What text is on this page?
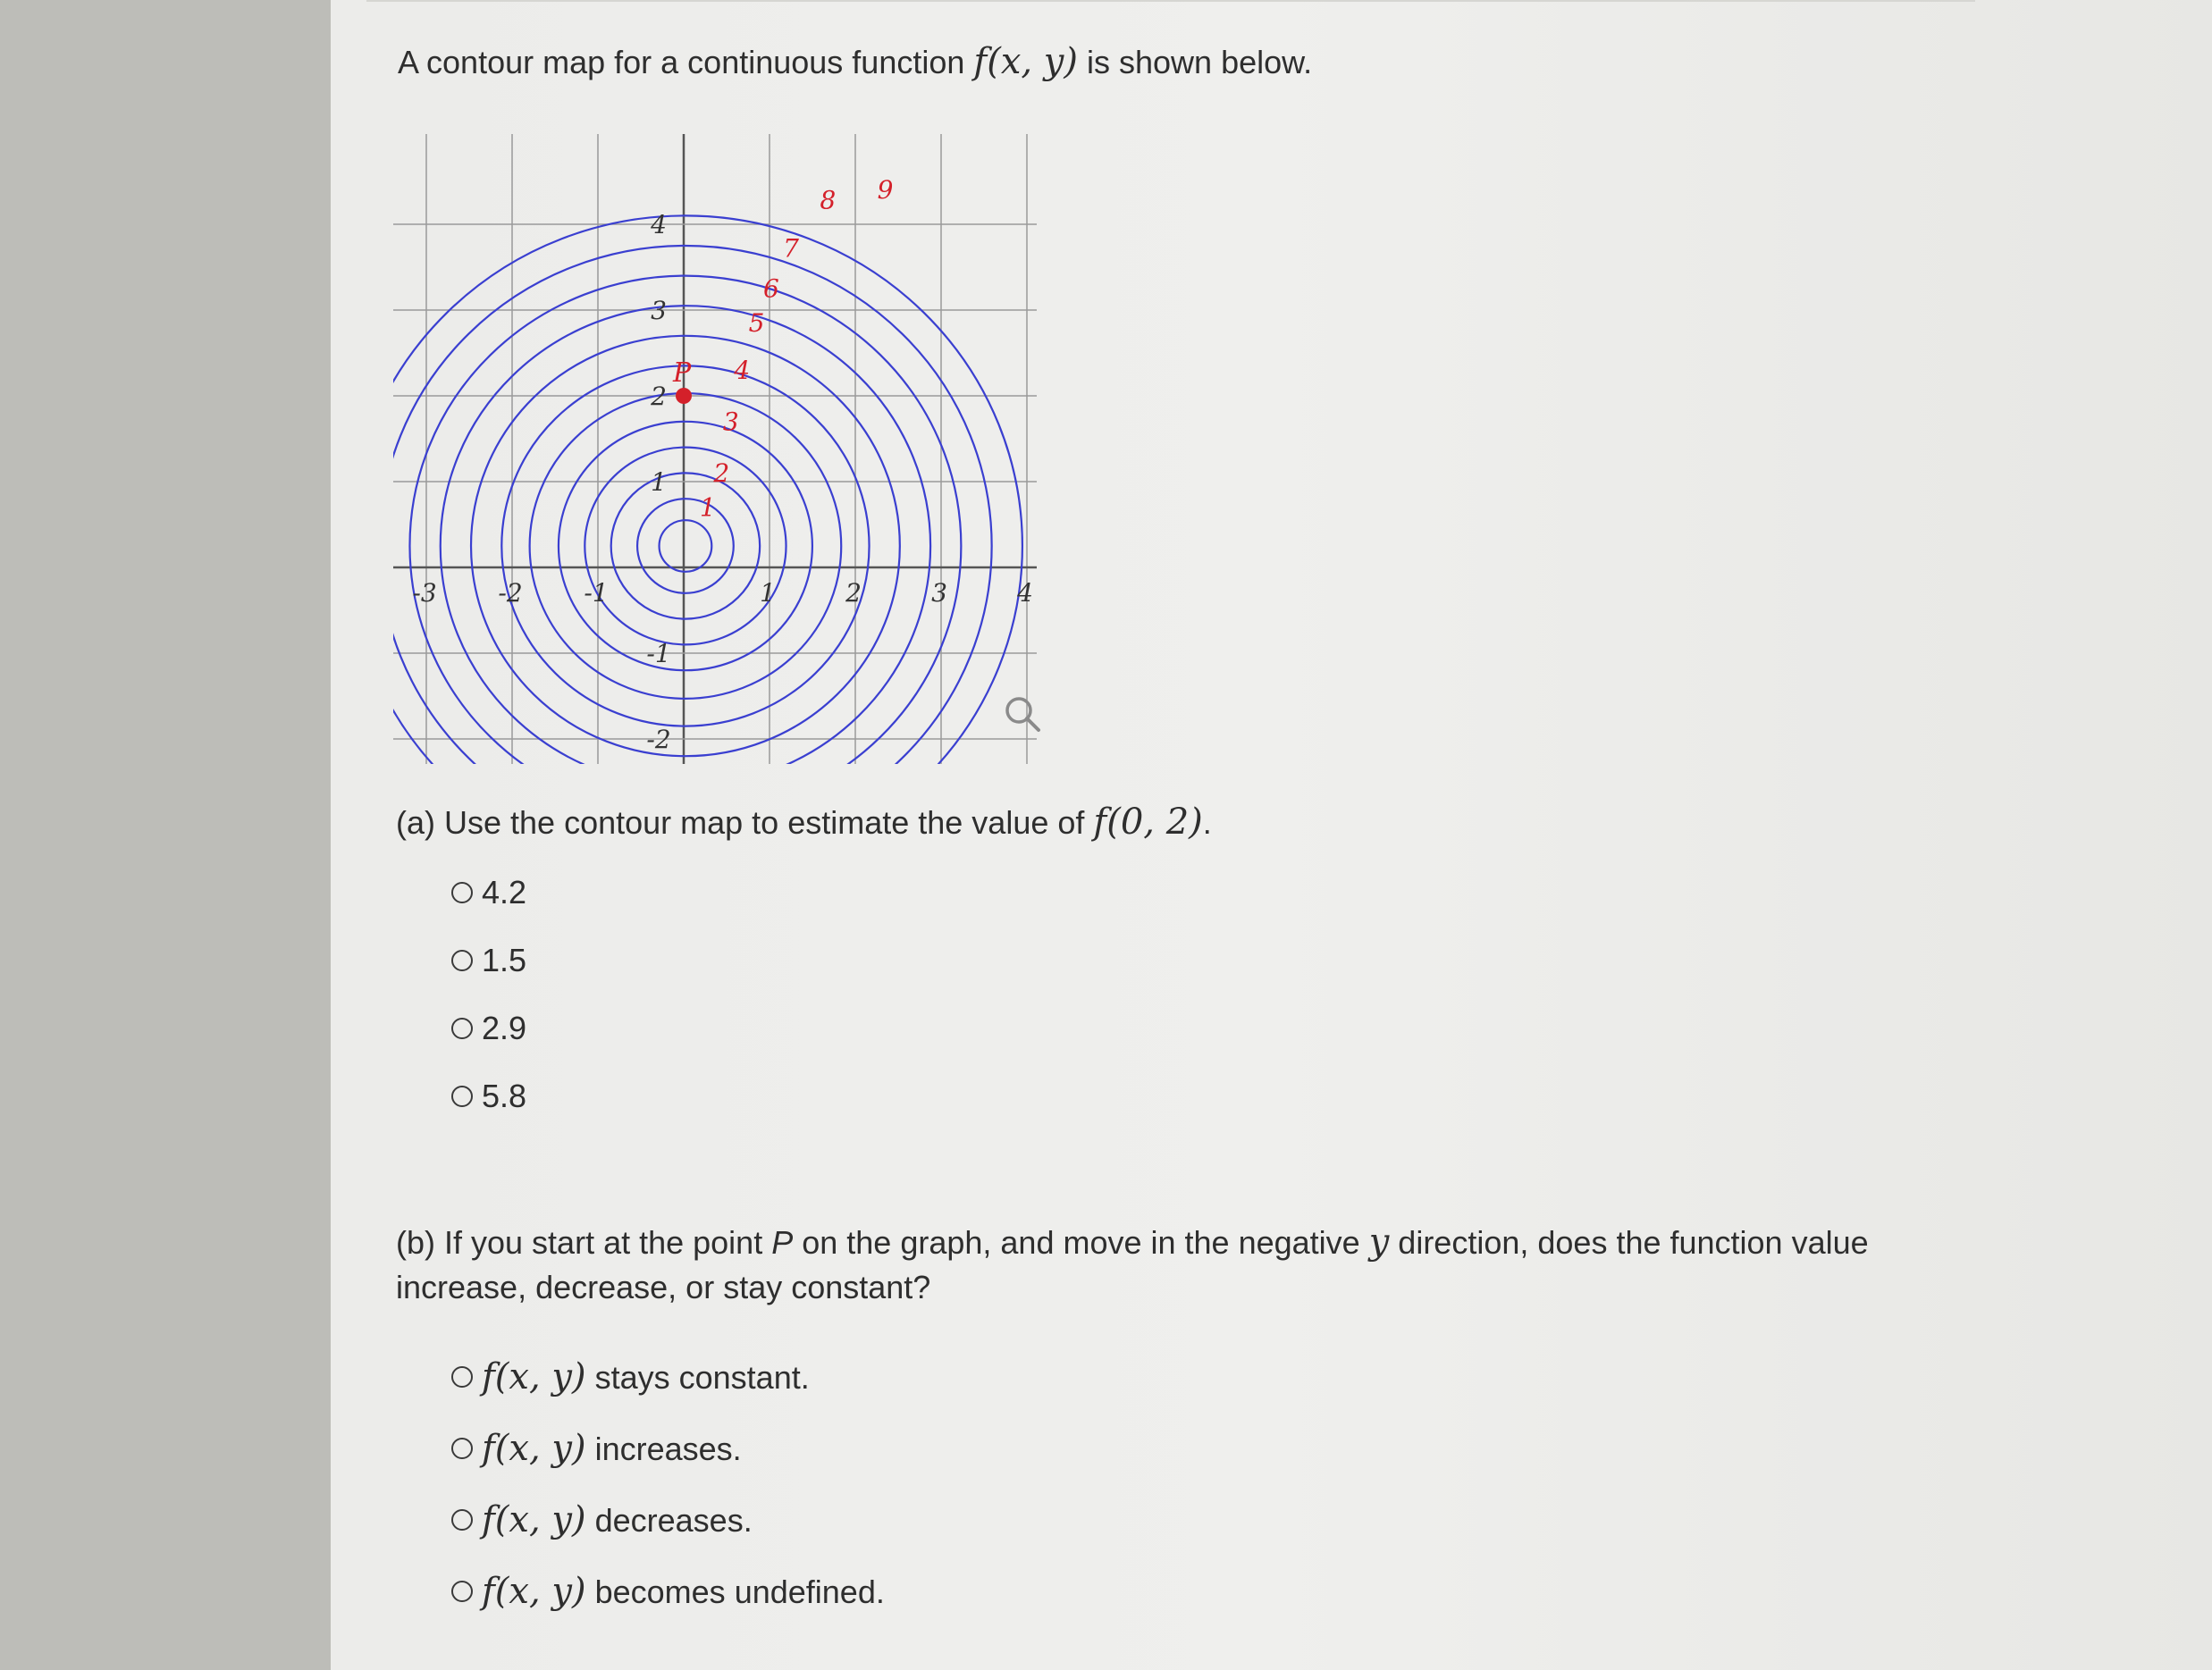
A contour map for a continuous function f(x, y) is shown below.
-3 -2 -1	1	2	3	4
4
3
2
1
-1
-2
1
2
3
4
5
6
7
8 9
P
(a) Use the contour map to estimate the value of f(0, 2).
4.2
1.5
2.9
5.8
(b) If you start at the point P on the graph, and move in the negative y direction, does the function value increase, decrease, or stay constant?
f(x, y) stays constant.
f(x, y) increases.
f(x, y) decreases.
f(x, y) becomes undefined.
